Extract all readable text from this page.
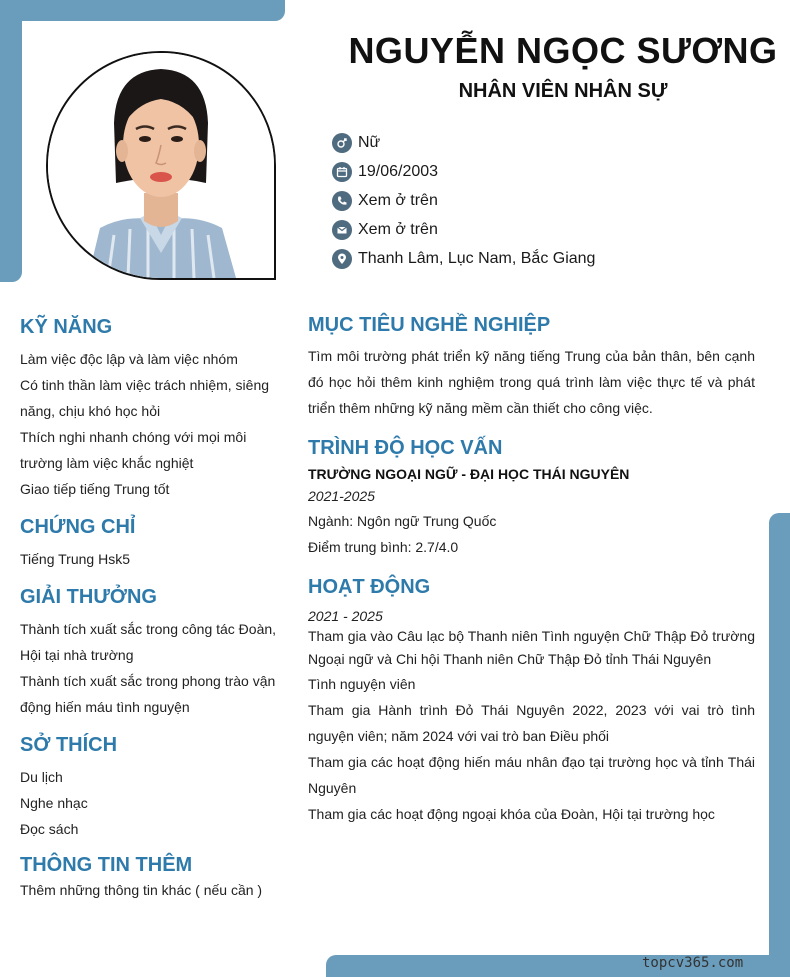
NGUYỄN NGỌC SƯƠNG
NHÂN VIÊN NHÂN SỰ
Nữ
19/06/2003
Xem ở trên
Xem ở trên
Thanh Lâm, Lục Nam, Bắc Giang
KỸ NĂNG
Làm việc độc lập và làm việc nhóm
Có tinh thần làm việc trách nhiệm, siêng năng, chịu khó học hỏi
Thích nghi nhanh chóng với mọi môi trường làm việc khắc nghiệt
Giao tiếp tiếng Trung tốt
CHỨNG CHỈ
Tiếng Trung Hsk5
GIẢI THƯỞNG
Thành tích xuất sắc trong công tác Đoàn, Hội tại nhà trường
Thành tích xuất sắc trong phong trào vận động hiến máu tình nguyện
SỞ THÍCH
Du lịch
Nghe nhạc
Đọc sách
THÔNG TIN THÊM
Thêm những thông tin khác ( nếu cần )
MỤC TIÊU NGHỀ NGHIỆP
Tìm môi trường phát triển kỹ năng tiếng Trung của bản thân, bên cạnh đó học hỏi thêm kinh nghiệm trong quá trình làm việc thực tế và phát triển thêm những kỹ năng mềm cần thiết cho công việc.
TRÌNH ĐỘ HỌC VẤN
TRƯỜNG NGOẠI NGỮ - ĐẠI HỌC THÁI NGUYÊN
2021-2025
Ngành: Ngôn ngữ Trung Quốc
Điểm trung bình: 2.7/4.0
HOẠT ĐỘNG
2021 - 2025
Tham gia vào Câu lạc bộ Thanh niên Tình nguyện Chữ Thập Đỏ trường Ngoại ngữ và Chi hội Thanh niên Chữ Thập Đỏ tỉnh Thái Nguyên
Tình nguyện viên
Tham gia Hành trình Đỏ Thái Nguyên 2022, 2023 với vai trò tình nguyện viên; năm 2024 với vai trò ban Điều phối
Tham gia các hoạt động hiến máu nhân đạo tại trường học và tỉnh Thái Nguyên
Tham gia các hoạt động ngoại khóa của Đoàn, Hội tại trường học
topcv365.com
